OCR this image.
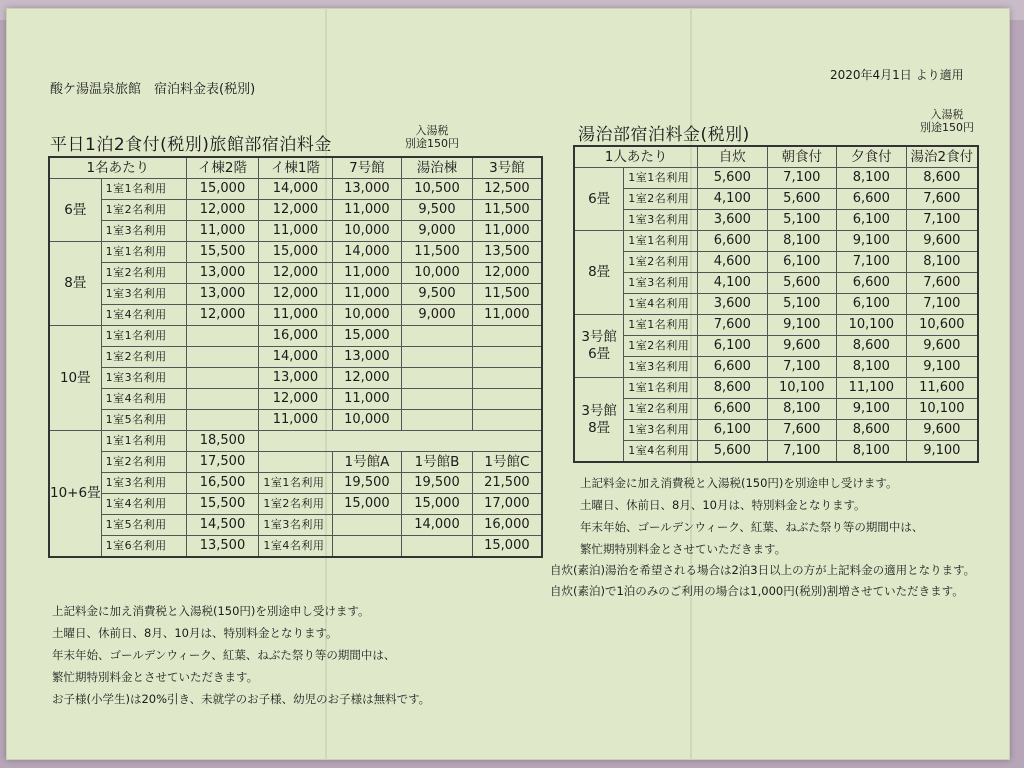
酸ケ湯温泉旅館　宿泊料金表(税別)
2020年4月1日 より適用
平日1泊2食付(税別)旅館部宿泊料金
入湯税
別途150円
1名あたり		イ棟2階	イ棟1階	7号館	湯治棟	3号館
6畳	1室1名利用	15,000	14,000	13,000	10,500	12,500
	1室2名利用	12,000	12,000	11,000	9,500	11,500
	1室3名利用	11,000	11,000	10,000	9,000	11,000
8畳	1室1名利用	15,500	15,000	14,000	11,500	13,500
	1室2名利用	13,000	12,000	11,000	10,000	12,000
	1室3名利用	13,000	12,000	11,000	9,500	11,500
	1室4名利用	12,000	11,000	10,000	9,000	11,000
10畳	1室1名利用		16,000	15,000		
	1室2名利用		14,000	13,000		
	1室3名利用		13,000	12,000		
	1室4名利用		12,000	11,000		
	1室5名利用		11,000	10,000		
10+6畳	1室1名利用	18,500				
	1室2名利用	17,500		1号館A	1号館B	1号館C
	1室3名利用	16,500	1室1名利用	19,500	19,500	21,500
	1室4名利用	15,500	1室2名利用	15,000	15,000	17,000
	1室5名利用	14,500	1室3名利用		14,000	16,000
	1室6名利用	13,500	1室4名利用			15,000
上記料金に加え消費税と入湯税(150円)を別途申し受けます。
土曜日、休前日、8月、10月は、特別料金となります。
年末年始、ゴールデンウィーク、紅葉、ねぶた祭り等の期間中は、
繁忙期特別料金とさせていただきます。
お子様(小学生)は20%引き、未就学のお子様、幼児のお子様は無料です。
湯治部宿泊料金(税別)
入湯税
別途150円
1人あたり		自炊	朝食付	夕食付	湯治2食付
6畳	1室1名利用	5,600	7,100	8,100	8,600
	1室2名利用	4,100	5,600	6,600	7,600
	1室3名利用	3,600	5,100	6,100	7,100
8畳	1室1名利用	6,600	8,100	9,100	9,600
	1室2名利用	4,600	6,100	7,100	8,100
	1室3名利用	4,100	5,600	6,600	7,600
	1室4名利用	3,600	5,100	6,100	7,100

3号館
6畳	1室1名利用	7,600	9,100	10,100	10,600
	1室2名利用	6,100	9,600	8,600	9,600
	1室3名利用	6,600	7,100	8,100	9,100

3号館
8畳	1室1名利用	8,600	10,100	11,100	11,600
	1室2名利用	6,600	8,100	9,100	10,100
	1室3名利用	6,100	7,600	8,600	9,600
	1室4名利用	5,600	7,100	8,100	9,100
上記料金に加え消費税と入湯税(150円)を別途申し受けます。
土曜日、休前日、8月、10月は、特別料金となります。
年末年始、ゴールデンウィーク、紅葉、ねぶた祭り等の期間中は、
繁忙期特別料金とさせていただきます。
自炊(素泊)湯治を希望される場合は2泊3日以上の方が上記料金の適用となります。
自炊(素泊)で1泊のみのご利用の場合は1,000円(税別)割増させていただきます。
